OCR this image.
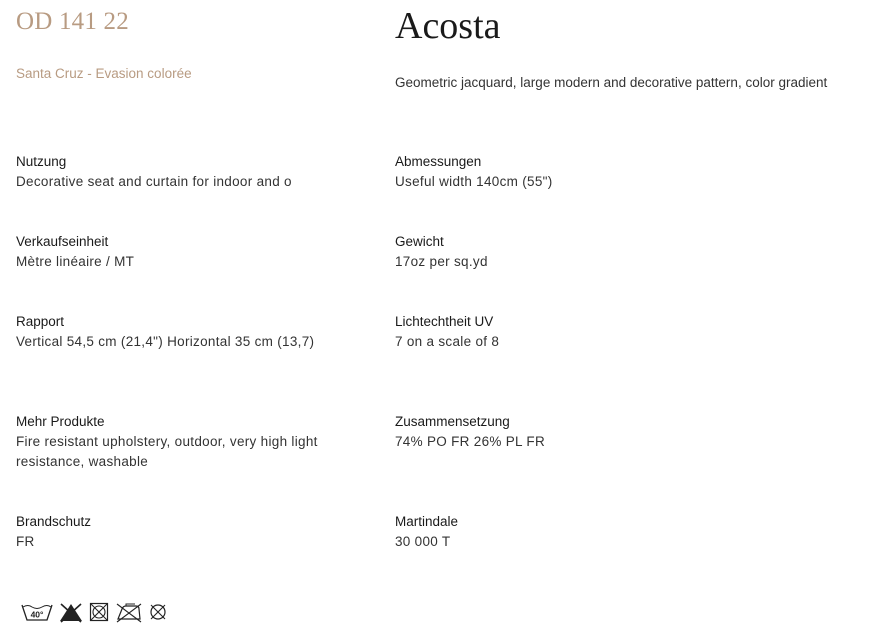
OD 141 22
Santa Cruz - Evasion colorée
Acosta
Geometric jacquard, large modern and decorative pattern, color gradient
Nutzung
Decorative seat and curtain for indoor and o
Abmessungen
Useful width 140cm (55")
Verkaufseinheit
Mètre linéaire / MT
Gewicht
17oz per sq.yd
Rapport
Vertical 54,5 cm (21,4") Horizontal 35 cm (13,7)
Lichtechtheit UV
7 on a scale of 8
Mehr Produkte
Fire resistant upholstery, outdoor, very high light resistance, washable
Zusammensetzung
74% PO FR 26% PL FR
Brandschutz
FR
Martindale
30 000 T
40°
